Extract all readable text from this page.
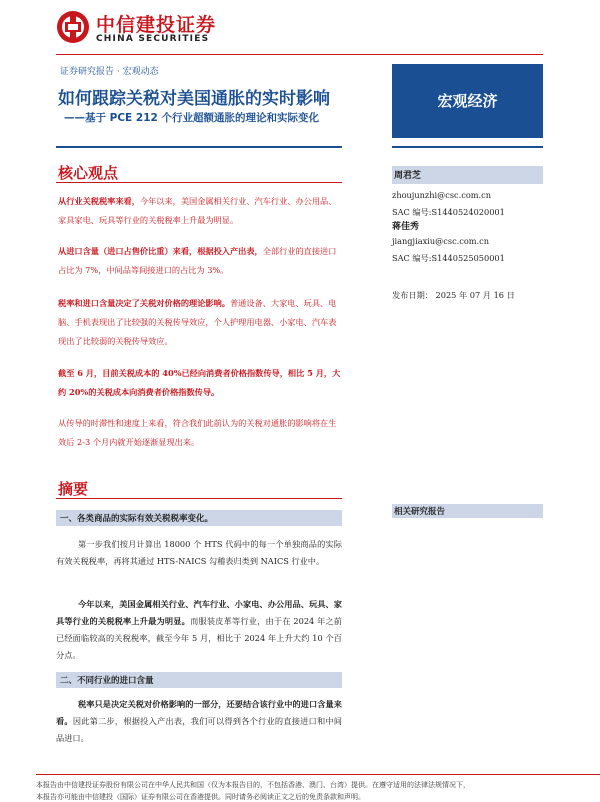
中信建投证券
CHINA SECURITIES
证券研究报告 · 宏观动态
如何跟踪关税对美国通胀的实时影响
——基于 PCE 212 个行业超额通胀的理论和实际变化
宏观经济
核心观点
从行业关税税率来看，今年以来，美国金属相关行业、汽车行业、办公用品、家具家电、玩具等行业的关税税率上升最为明显。
从进口含量（进口占售价比重）来看，根据投入产出表，全部行业的直接进口占比为 7%，中间品等间接进口的占比为 3%。
税率和进口含量决定了关税对价格的理论影响。普通设备、大家电、玩具、电脑、手机表现出了比较强的关税传导效应，个人护理用电器、小家电、汽车表现出了比较弱的关税传导效应。
截至 6 月，目前关税成本的 40%已经向消费者价格指数传导，相比 5 月，大约 20%的关税成本向消费者价格指数传导。
从传导的时滞性和速度上来看，符合我们此前认为的关税对通胀的影响将在生效后 2-3 个月内就开始逐渐显现出来。
周君芝
zhoujunzhi@csc.com.cn
SAC 编号:S1440524020001
蒋佳秀
jiangjiaxiu@csc.com.cn
SAC 编号:S1440525050001
发布日期： 2025 年 07 月 16 日
相关研究报告
摘要
一、各类商品的实际有效关税税率变化。
第一步我们按月计算出 18000 个 HTS 代码中的每一个单独商品的实际有效关税税率，再将其通过 HTS-NAICS 勾稽表归类到 NAICS 行业中。
今年以来，美国金属相关行业、汽车行业、小家电、办公用品、玩具、家具等行业的关税税率上升最为明显。而服装皮革等行业，由于在 2024 年之前已经面临较高的关税税率，截至今年 5 月，相比于 2024 年上升大约 10 个百分点。
二、不同行业的进口含量
税率只是决定关税对价格影响的一部分，还要结合该行业中的进口含量来看。因此第二步，根据投入产出表，我们可以得到各个行业的直接进口和中间品进口。
本报告由中信建投证券股份有限公司在中华人民共和国（仅为本报告目的，不包括香港、澳门、台湾）提供。在遵守适用的法律法规情况下，
本报告亦可能由中信建投（国际）证券有限公司在香港提供。同时请务必阅读正文之后的免责条款和声明。
